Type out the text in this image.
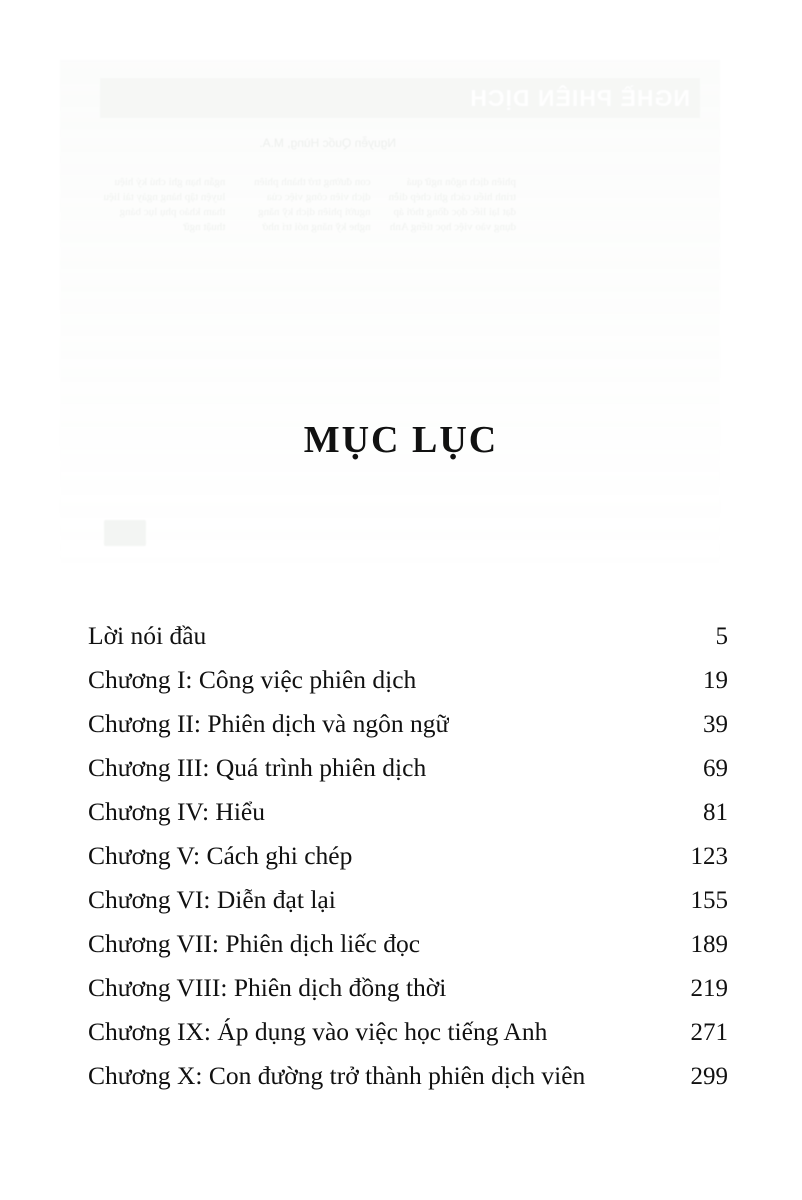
NGHỀ PHIÊN DỊCH
Nguyễn Quốc Hùng, M.A.
phiên dịch ngôn ngữ quá trình hiểu cách ghi chép diễn đạt lại liếc đọc đồng thời áp dụng vào việc học tiếng Anh con đường trở thành phiên dịch viên công việc của người phiên dịch kỹ năng nghe kỹ năng nói trí nhớ ngắn hạn ghi chú ký hiệu luyện tập hàng ngày tài liệu tham khảo phụ lục bảng thuật ngữ
MỤC LỤC
Lời nói đầu	5
Chương I: Công việc phiên dịch	19
Chương II: Phiên dịch và ngôn ngữ	39
Chương III: Quá trình phiên dịch	69
Chương IV: Hiểu	81
Chương V: Cách ghi chép	123
Chương VI: Diễn đạt lại	155
Chương VII: Phiên dịch liếc đọc	189
Chương VIII: Phiên dịch đồng thời	219
Chương IX: Áp dụng vào việc học tiếng Anh	271
Chương X: Con đường trở thành phiên dịch viên	299
